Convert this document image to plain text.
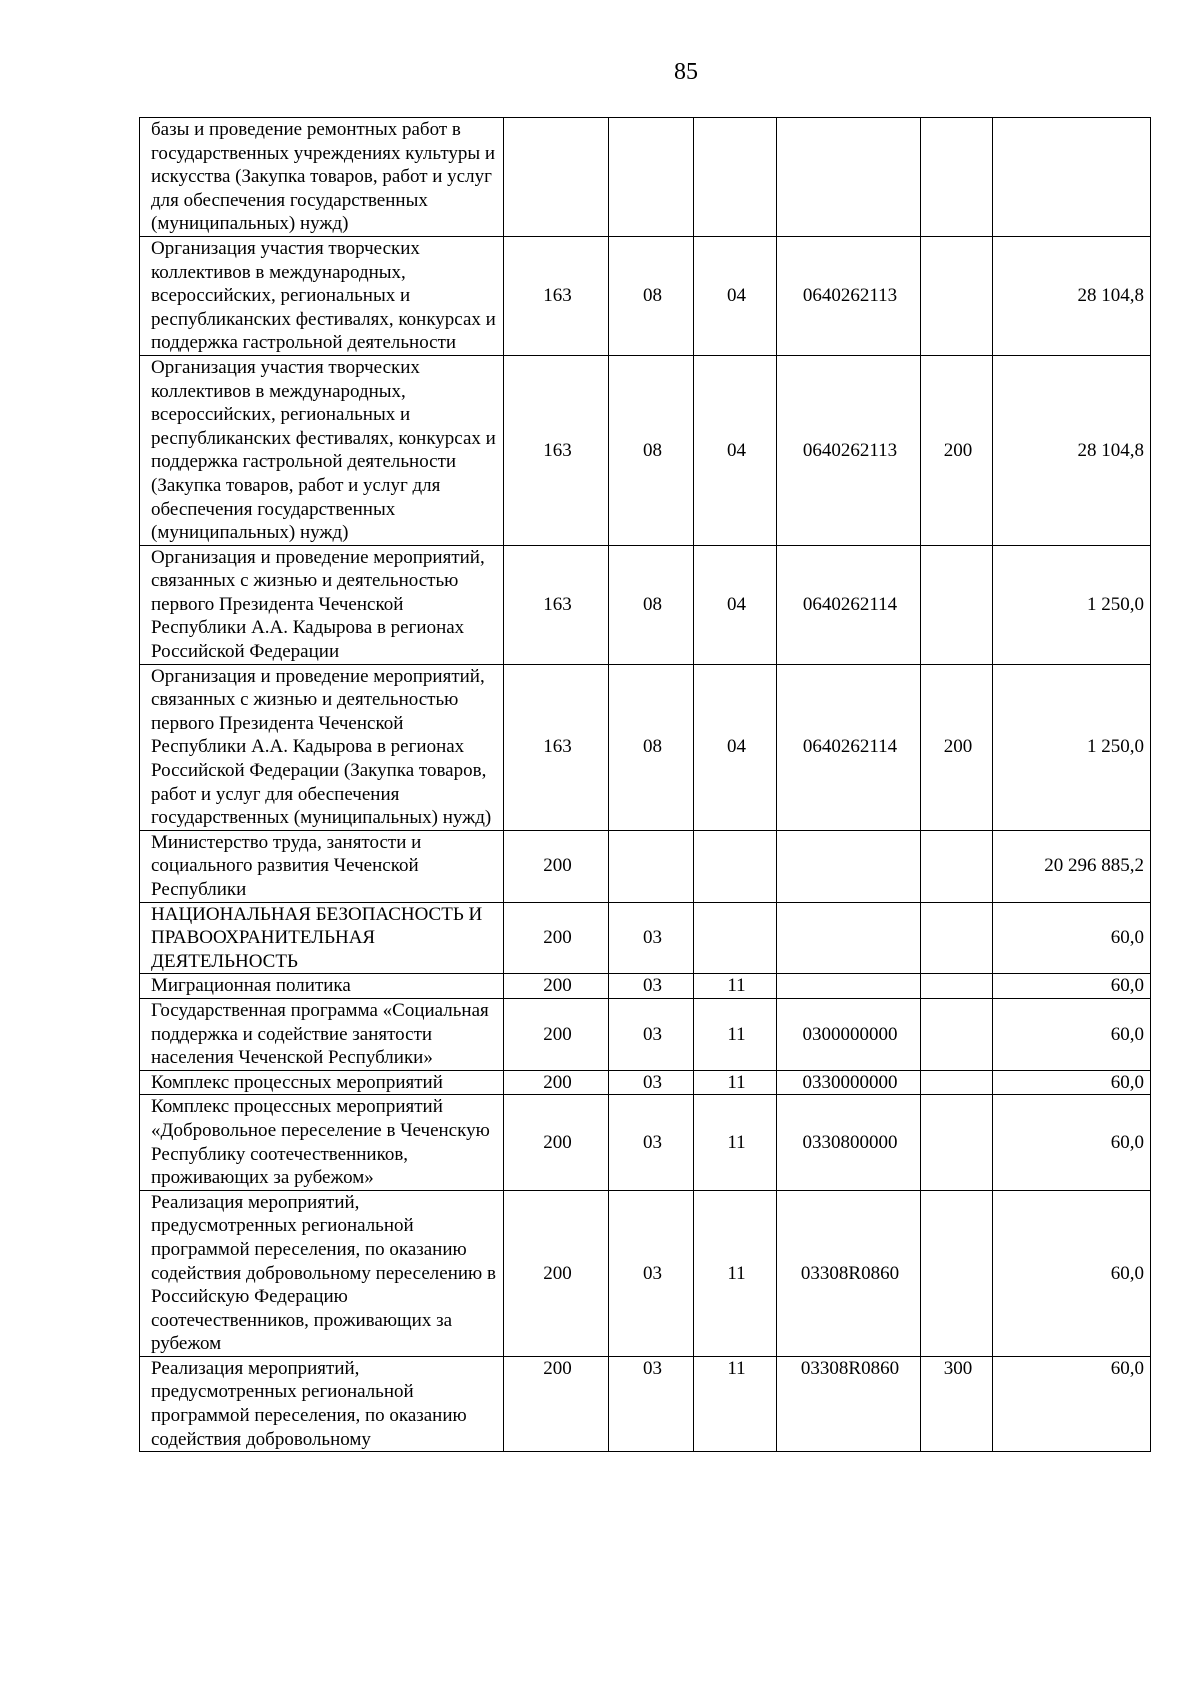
85
базы и проведение ремонтных работ в государственных учреждениях культуры и искусства (Закупка товаров, работ и услуг для обеспечения государственных (муниципальных) нужд)						
Организация участия творческих коллективов в международных, всероссийских, региональных и республиканских фестивалях, конкурсах и поддержка гастрольной деятельности	163	08	04	0640262113		28 104,8
Организация участия творческих коллективов в международных, всероссийских, региональных и республиканских фестивалях, конкурсах и поддержка гастрольной деятельности (Закупка товаров, работ и услуг для обеспечения государственных (муниципальных) нужд)	163	08	04	0640262113	200	28 104,8
Организация и проведение мероприятий, связанных с жизнью и деятельностью первого Президента Чеченской Республики А.А. Кадырова в регионах Российской Федерации	163	08	04	0640262114		1 250,0
Организация и проведение мероприятий, связанных с жизнью и деятельностью первого Президента Чеченской Республики А.А. Кадырова в регионах Российской Федерации (Закупка товаров, работ и услуг для обеспечения государственных (муниципальных) нужд)	163	08	04	0640262114	200	1 250,0
Министерство труда, занятости и социального развития Чеченской Республики	200					20 296 885,2
НАЦИОНАЛЬНАЯ БЕЗОПАСНОСТЬ И ПРАВООХРАНИТЕЛЬНАЯ ДЕЯТЕЛЬНОСТЬ	200	03				60,0
Миграционная политика	200	03	11			60,0
Государственная программа «Социальная поддержка и содействие занятости населения Чеченской Республики»	200	03	11	0300000000		60,0
Комплекс процессных мероприятий	200	03	11	0330000000		60,0
Комплекс процессных мероприятий «Добровольное переселение в Чеченскую Республику соотечественников, проживающих за рубежом»	200	03	11	0330800000		60,0
Реализация мероприятий, предусмотренных региональной программой переселения, по оказанию содействия добровольному переселению в Российскую Федерацию соотечественников, проживающих за рубежом	200	03	11	03308R0860		60,0
Реализация мероприятий, предусмотренных региональной программой переселения, по оказанию содействия добровольному	200	03	11	03308R0860	300	60,0
